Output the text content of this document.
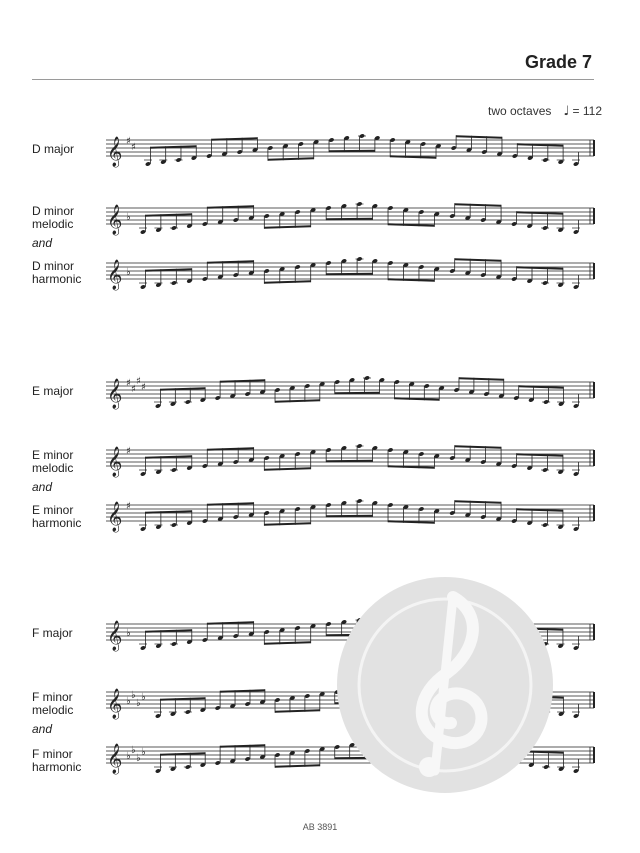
Grade 7
two octaves ♩ = 112
D major
D minor
melodic
and
D minor
harmonic
E major
E minor
melodic
and
E minor
harmonic
F major
F minor
melodic
and
F minor
harmonic
𝄞 ♯
♯
𝄞 ♭
𝄞 ♭
𝄞 ♯
♯
♯
♯
𝄞 ♯
𝄞 ♯
𝄞 ♭
𝄞 ♭
♭
♭
♭
𝄞 ♭
♭
♭
♭
AB 3891
